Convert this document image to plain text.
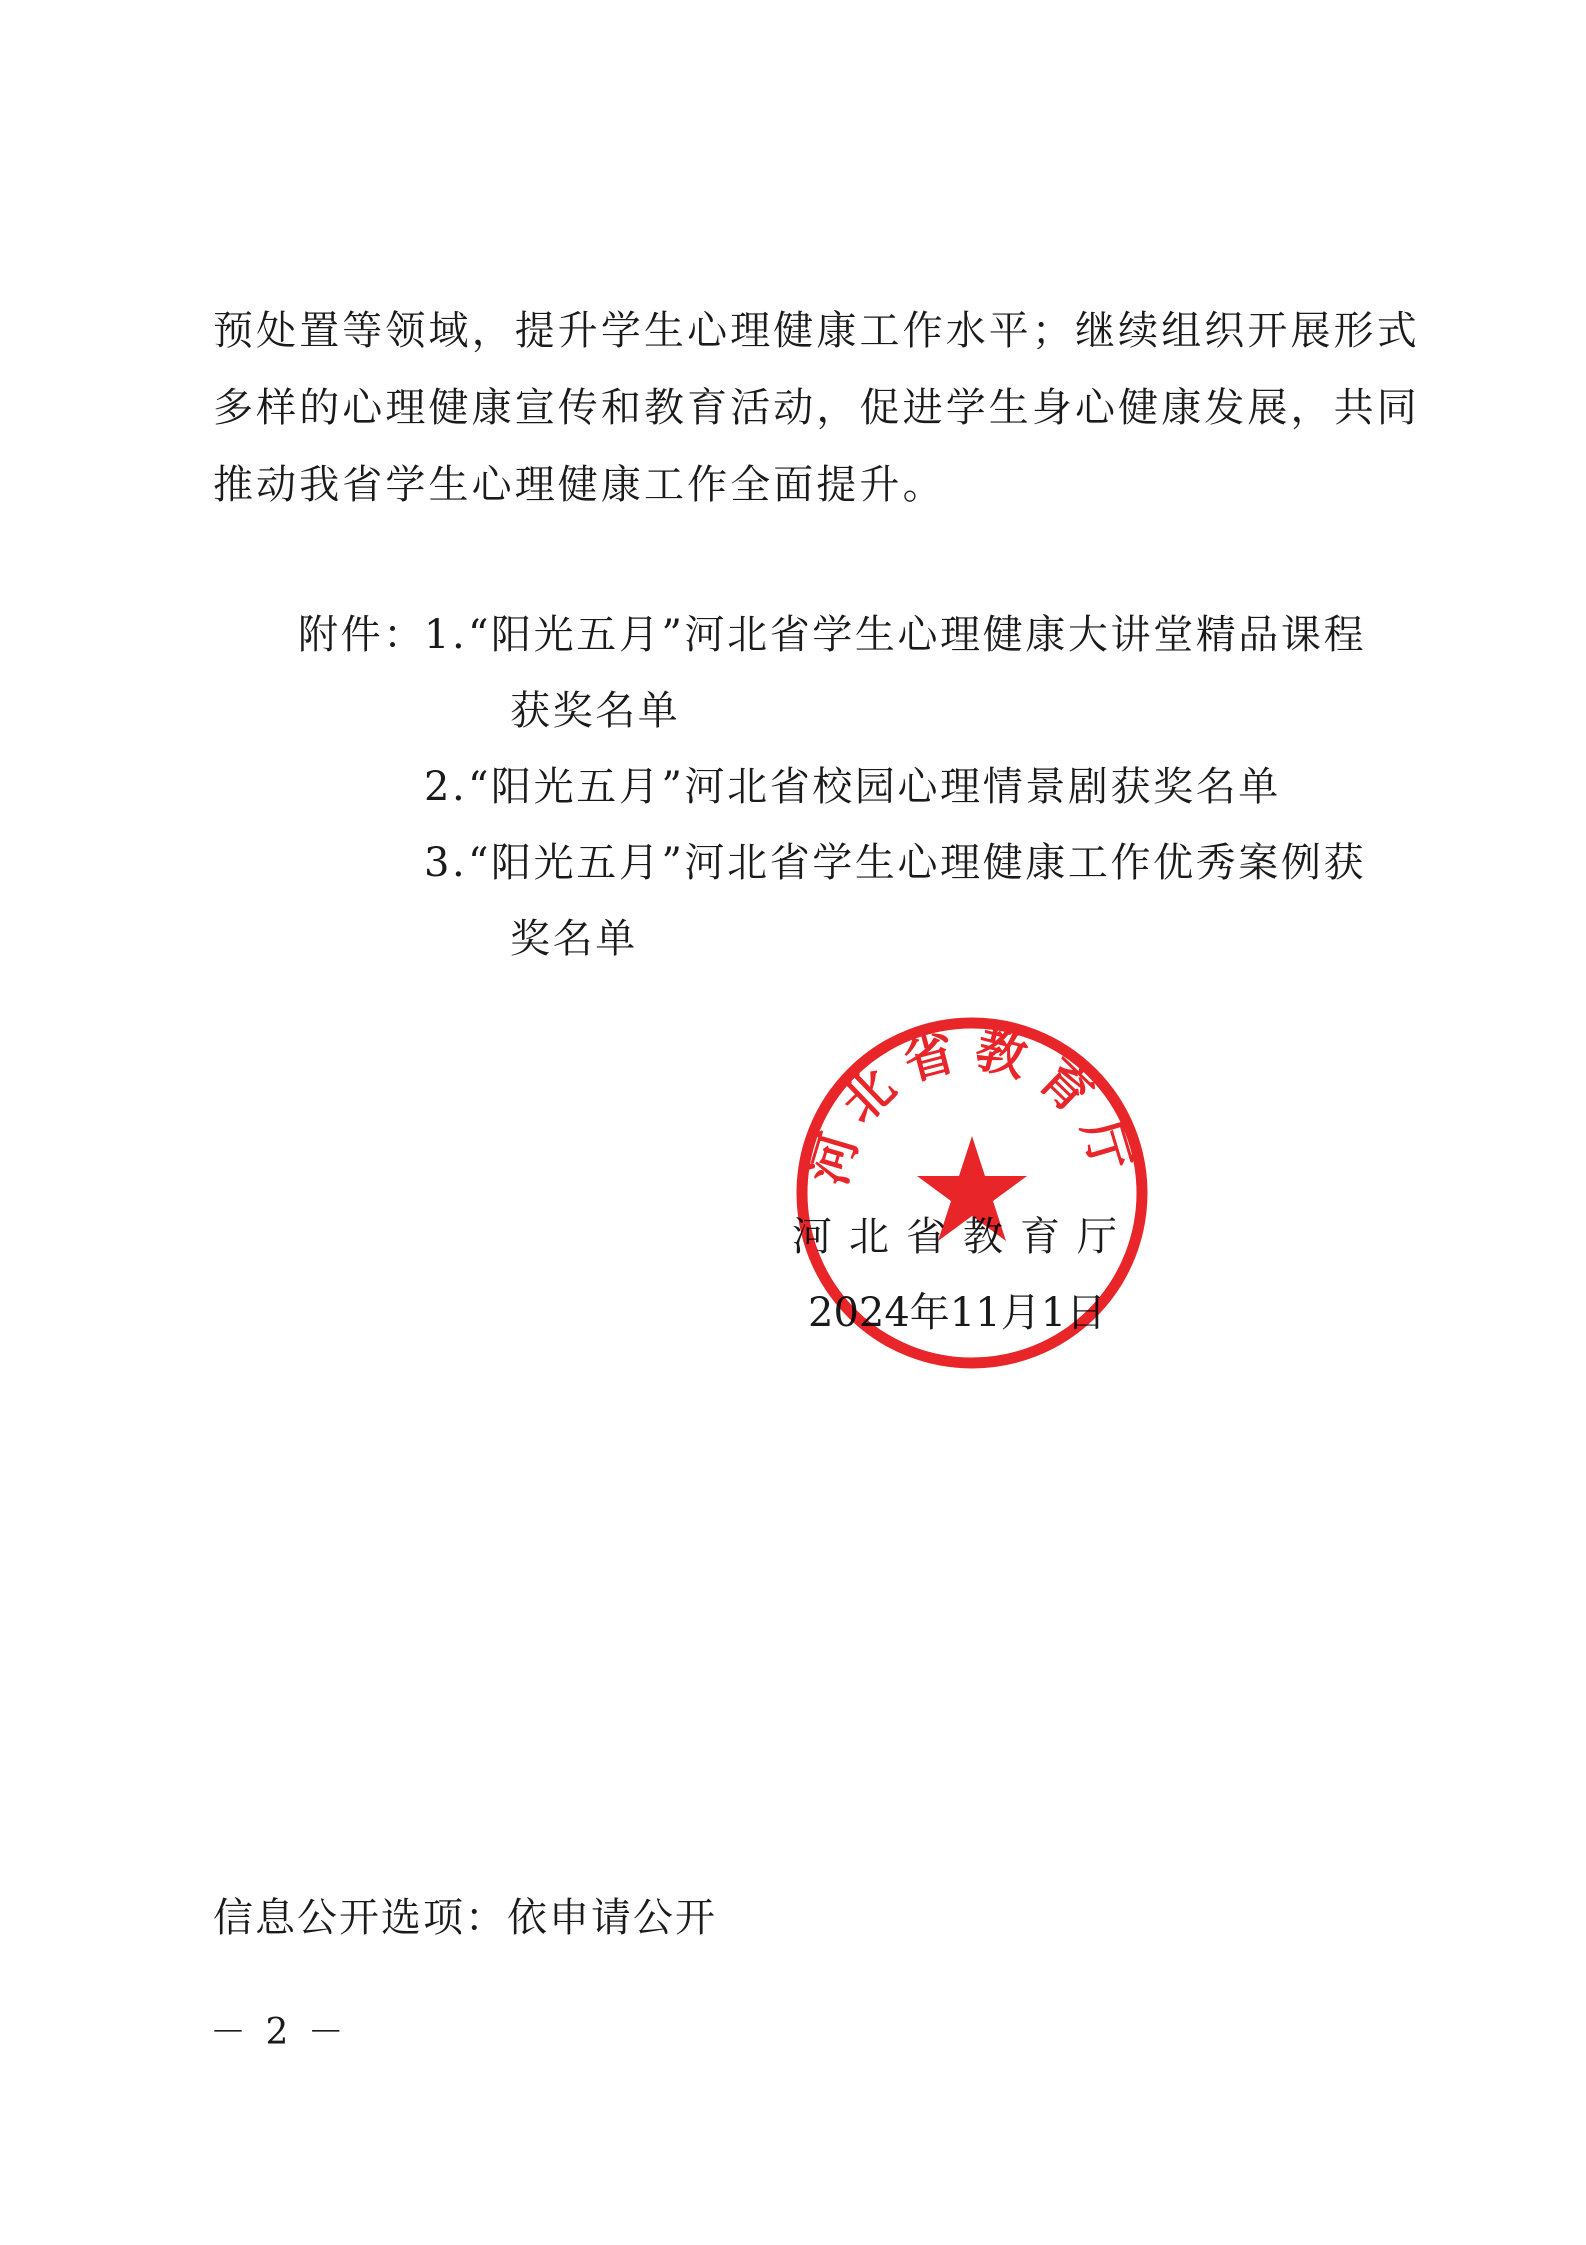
预处置等领域，提升学生心理健康工作水平；继续组织开展形式
多样的心理健康宣传和教育活动，促进学生身心健康发展，共同
推动我省学生心理健康工作全面提升。
附件：
1. “阳光五月”河北省学生心理健康大讲堂精品课程
获奖名单
2. “阳光五月”河北省校园心理情景剧获奖名单
3. “阳光五月”河北省学生心理健康工作优秀案例获
奖名单
河北省教育厅
2024年11月1日
河北省教育厅
信息公开选项：依申请公开
－ 2 －
